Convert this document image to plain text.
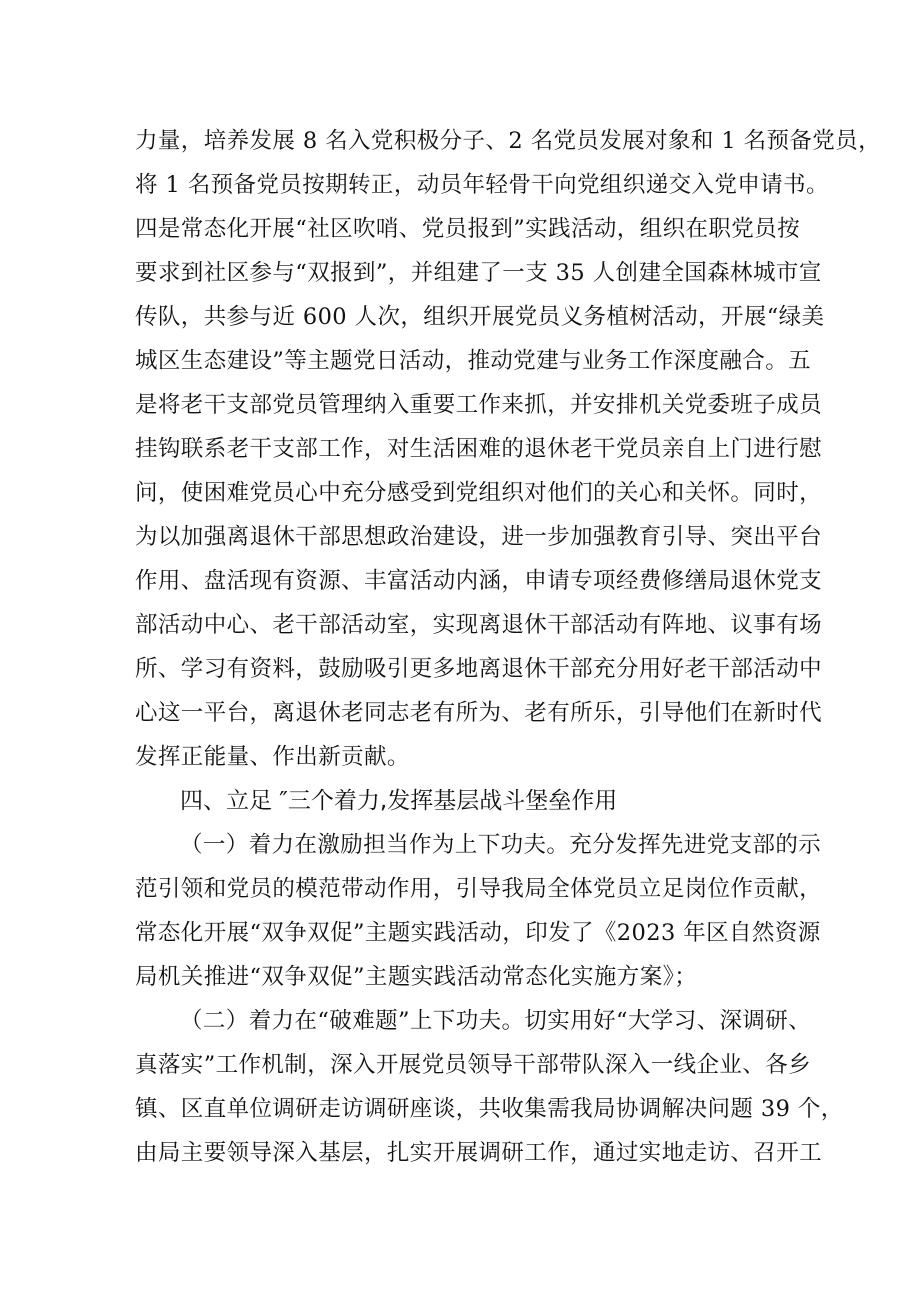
力量，培养发展 8 名入党积极分子、2 名党员发展对象和 1 名预备党员，
将 1 名预备党员按期转正，动员年轻骨干向党组织递交入党申请书。
四是常态化开展“社区吹哨、党员报到”实践活动，组织在职党员按
要求到社区参与“双报到”，并组建了一支 35 人创建全国森林城市宣
传队，共参与近 600 人次，组织开展党员义务植树活动，开展“绿美
城区生态建设”等主题党日活动，推动党建与业务工作深度融合。五
是将老干支部党员管理纳入重要工作来抓，并安排机关党委班子成员
挂钩联系老干支部工作，对生活困难的退休老干党员亲自上门进行慰
问，使困难党员心中充分感受到党组织对他们的关心和关怀。同时，
为以加强离退休干部思想政治建设，进一步加强教育引导、突出平台
作用、盘活现有资源、丰富活动内涵，申请专项经费修缮局退休党支
部活动中心、老干部活动室，实现离退休干部活动有阵地、议事有场
所、学习有资料，鼓励吸引更多地离退休干部充分用好老干部活动中
心这一平台，离退休老同志老有所为、老有所乐，引导他们在新时代
发挥正能量、作出新贡献。
四、立足 ″三个着力,发挥基层战斗堡垒作用
（一）着力在激励担当作为上下功夫。充分发挥先进党支部的示
范引领和党员的模范带动作用，引导我局全体党员立足岗位作贡献，
常态化开展“双争双促”主题实践活动，印发了《2023 年区自然资源
局机关推进“双争双促”主题实践活动常态化实施方案》；
（二）着力在“破难题”上下功夫。切实用好“大学习、深调研、
真落实”工作机制，深入开展党员领导干部带队深入一线企业、各乡
镇、区直单位调研走访调研座谈，共收集需我局协调解决问题 39 个，
由局主要领导深入基层，扎实开展调研工作，通过实地走访、召开工
